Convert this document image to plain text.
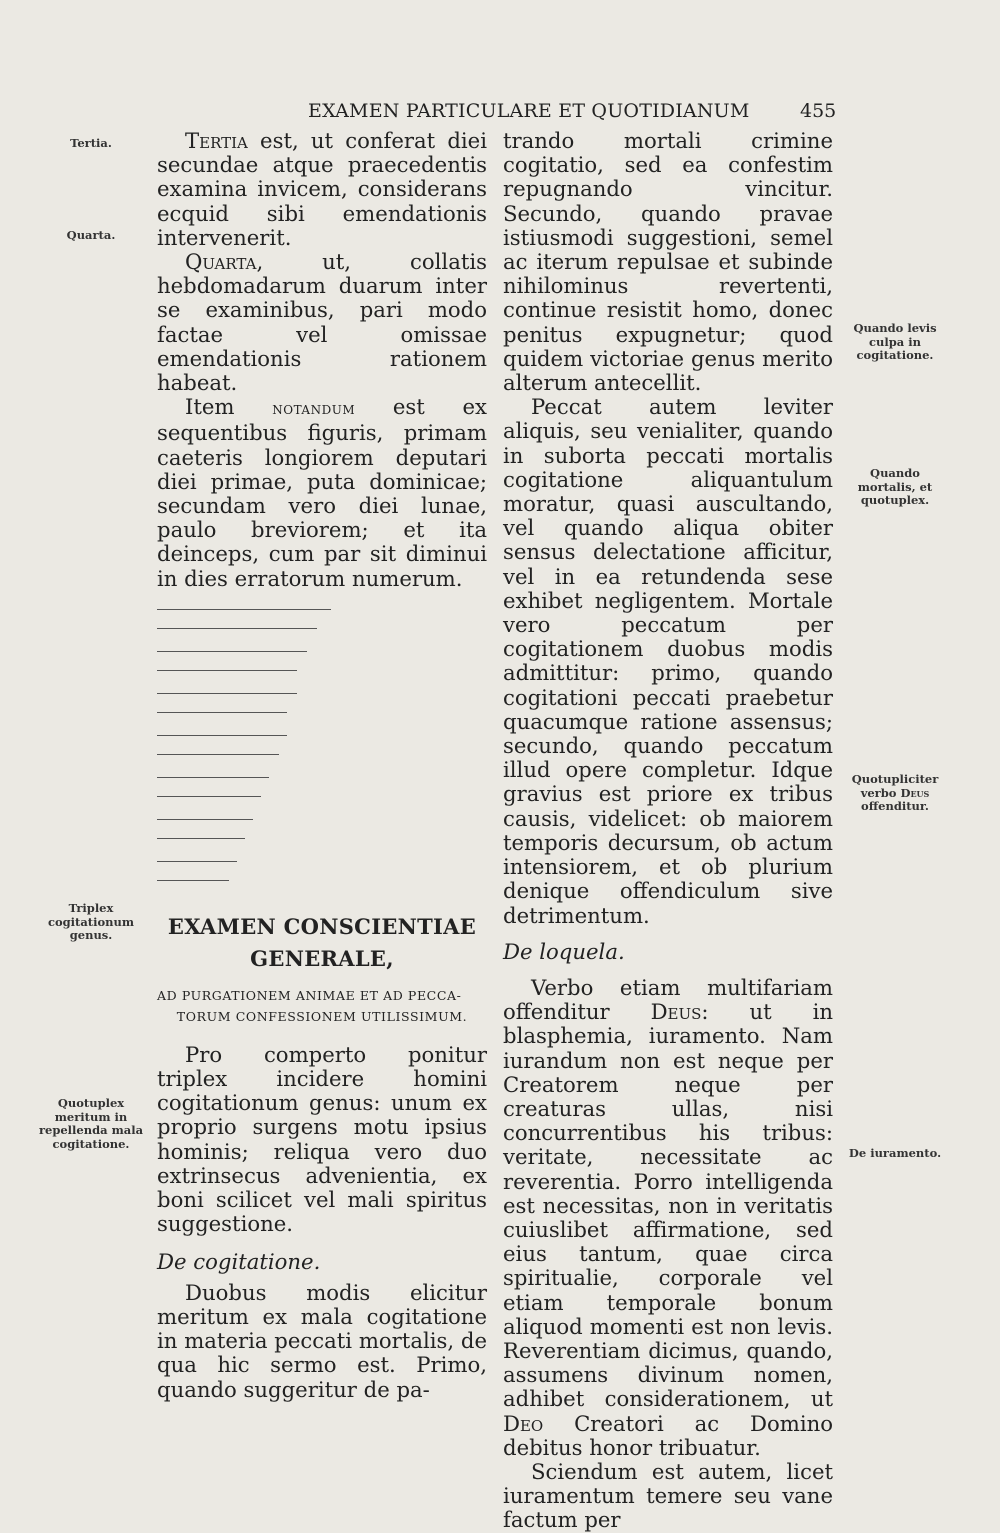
EXAMEN PARTICULARE ET QUOTIDIANUM	455
Tertia.
Quarta.
Triplex cogitationum genus.
Quotuplex meritum in repellenda mala cogitatione.
Quando levis culpa in cogitatione.
Quando mortalis, et quotuplex.
Quotupliciter verbo Deus offenditur.
De iuramento.

Tertia est, ut conferat diei secundae atque praecedentis examina invicem, considerans ecquid sibi emendationis intervenerit.

Quarta, ut, collatis hebdomadarum duarum inter se examinibus, pari modo factae vel omissae emendationis rationem habeat.

Item notandum est ex sequentibus figuris, primam caeteris longiorem deputari diei primae, puta dominicae; secundam vero diei lunae, paulo breviorem; et ita deinceps, cum par sit diminui in dies erratorum numerum.

EXAMEN CONSCIENTIAE
GENERALE,

AD PURGATIONEM ANIMAE ET AD PECCA-

TORUM CONFESSIONEM UTILISSIMUM.

Pro comperto ponitur triplex incidere homini cogitationum genus: unum ex proprio surgens motu ipsius hominis; reliqua vero duo extrinsecus advenientia, ex boni scilicet vel mali spiritus suggestione.

De cogitatione.

Duobus modis elicitur meritum ex mala cogitatione in materia peccati mortalis, de qua hic sermo est. Primo, quando suggeritur de pa-

trando mortali crimine cogitatio, sed ea confestim repugnando vincitur. Secundo, quando pravae istiusmodi suggestioni, semel ac iterum repulsae et subinde nihilominus revertenti, continue resistit homo, donec penitus expugnetur; quod quidem victoriae genus merito alterum antecellit.

Peccat autem leviter aliquis, seu venialiter, quando in suborta peccati mortalis cogitatione aliquantulum moratur, quasi auscultando, vel quando aliqua obiter sensus delectatione afficitur, vel in ea retundenda sese exhibet negligentem. Mortale vero peccatum per cogitationem duobus modis admittitur: primo, quando cogitationi peccati praebetur quacumque ratione assensus; secundo, quando peccatum illud opere completur. Idque gravius est priore ex tribus causis, videlicet: ob maiorem temporis decursum, ob actum intensiorem, et ob plurium denique offendiculum sive detrimentum.

De loquela.

Verbo etiam multifariam offenditur Deus: ut in blasphemia, iuramento. Nam iurandum non est neque per Creatorem neque per creaturas ullas, nisi concurrentibus his tribus: veritate, necessitate ac reverentia. Porro intelligenda est necessitas, non in veritatis cuiuslibet affirmatione, sed eius tantum, quae circa spiritualie, corporale vel etiam temporale bonum aliquod momenti est non levis. Reverentiam dicimus, quando, assumens divinum nomen, adhibet considerationem, ut Deo Creatori ac Domino debitus honor tribuatur.

Sciendum est autem, licet iuramentum temere seu vane factum per
